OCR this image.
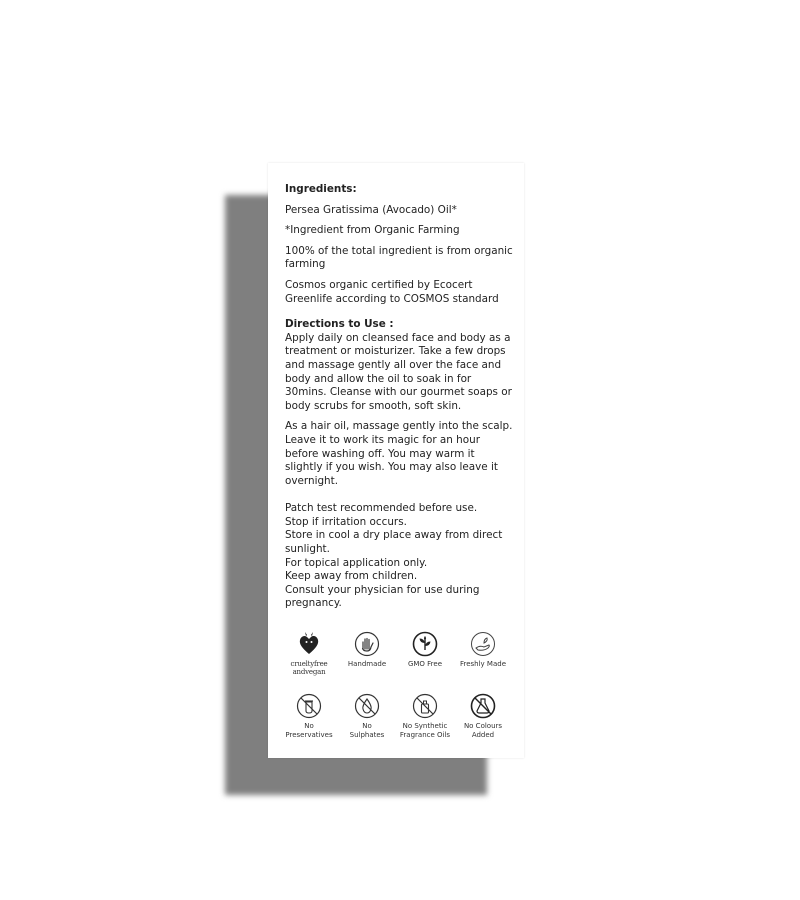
Ingredients:

Persea Gratissima (Avocado) Oil*

*Ingredient from Organic Farming

100% of the total ingredient is from organic farming

Cosmos organic certified by Ecocert Greenlife according to COSMOS standard

Directions to Use :

Apply daily on cleansed face and body as a treatment or moisturizer. Take a few drops and massage gently all over the face and body and allow the oil to soak in for 30mins. Cleanse with our gourmet soaps or body scrubs for smooth, soft skin.

As a hair oil, massage gently into the scalp. Leave it to work its magic for an hour before washing off. You may warm it slightly if you wish. You may also leave it overnight.

Patch test recommended before use.

Stop if irritation occurs.

Store in cool a dry place away from direct sunlight.

For topical application only.

Keep away from children.

Consult your physician for use during pregnancy.

crueltyfree
andvegan
Handmade	GMO Free	Freshly Made
No
Preservatives
No
Sulphates
No Synthetic
Fragrance Oils
No Colours
Added
